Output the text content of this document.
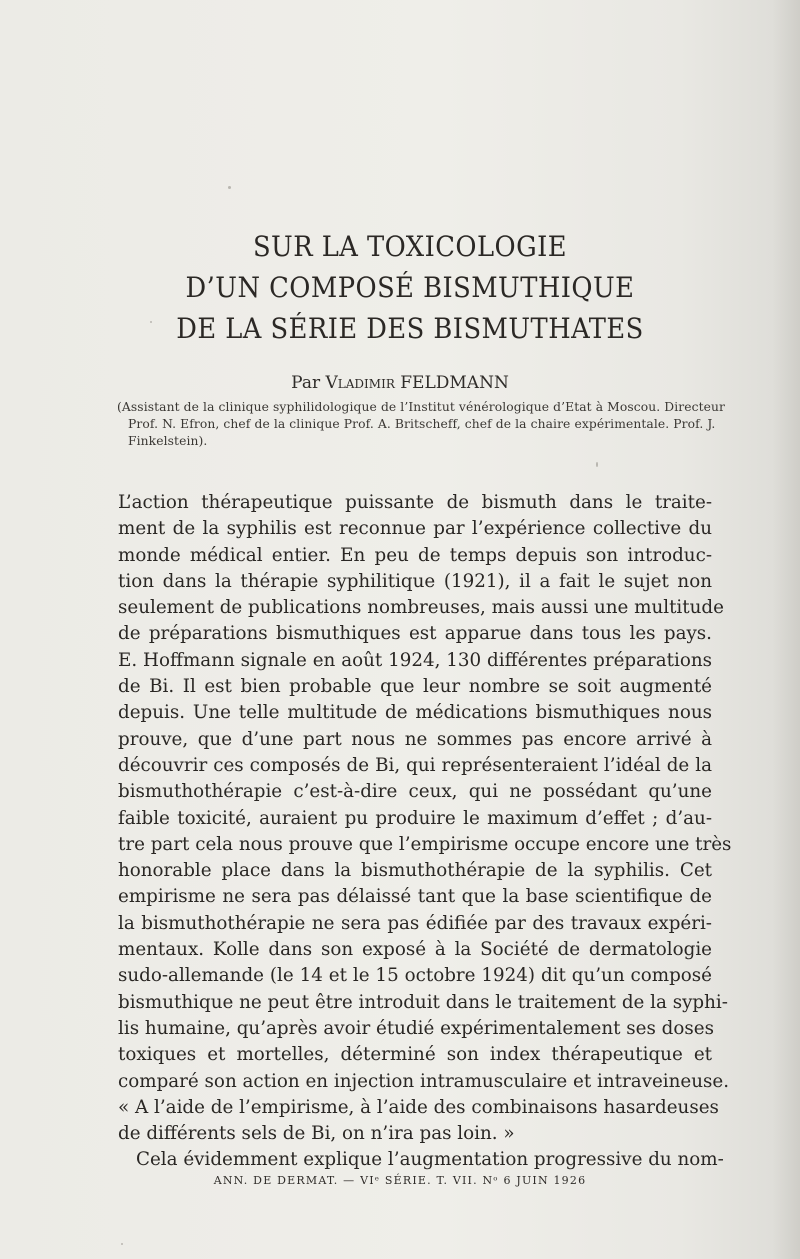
SUR LA TOXICOLOGIE
D’UN COMPOSÉ BISMUTHIQUE
DE LA SÉRIE DES BISMUTHATES
Par Vladimir FELDMANN
(Assistant de la clinique syphilidologique de l’Institut vénérologique d’Etat à Moscou. Directeur Prof. N. Efron, chef de la clinique Prof. A. Britscheff, chef de la chaire expérimentale. Prof. J. Finkelstein).
L’action thérapeutique puissante de bismuth dans le traite-
ment de la syphilis est reconnue par l’expérience collective du
monde médical entier. En peu de temps depuis son introduc-
tion dans la thérapie syphilitique (1921), il a fait le sujet non
seulement de publications nombreuses, mais aussi une multitude
de préparations bismuthiques est apparue dans tous les pays.
E. Hoffmann signale en août 1924, 130 différentes préparations
de Bi. Il est bien probable que leur nombre se soit augmenté
depuis. Une telle multitude de médications bismuthiques nous
prouve, que d’une part nous ne sommes pas encore arrivé à
découvrir ces composés de Bi, qui représenteraient l’idéal de la
bismuthothérapie c’est-à-dire ceux, qui ne possédant qu’une
faible toxicité, auraient pu produire le maximum d’effet ; d’au-
tre part cela nous prouve que l’empirisme occupe encore une très
honorable place dans la bismuthothérapie de la syphilis. Cet
empirisme ne sera pas délaissé tant que la base scientifique de
la bismuthothérapie ne sera pas édifiée par des travaux expéri-
mentaux. Kolle dans son exposé à la Société de dermatologie
sudo-allemande (le 14 et le 15 octobre 1924) dit qu’un composé
bismuthique ne peut être introduit dans le traitement de la syphi-
lis humaine, qu’après avoir étudié expérimentalement ses doses
toxiques et mortelles, déterminé son index thérapeutique et
comparé son action en injection intramusculaire et intraveineuse.
« A l’aide de l’empirisme, à l’aide des combinaisons hasardeuses
de différents sels de Bi, on n’ira pas loin. »
Cela évidemment explique l’augmentation progressive du nom-
ANN. DE DERMAT. — VIᵉ SÉRIE. T. VII. Nᵒ 6 JUIN 1926
